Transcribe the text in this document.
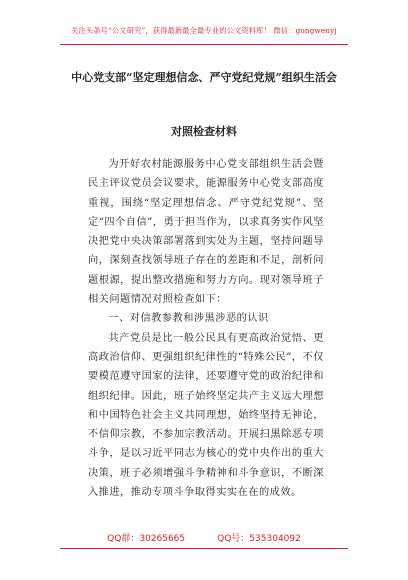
关注头条号“公文研究”，获得最新最全最专业的公文资料库！ 微信：gongwenyj
中心党支部“坚定理想信念、严守党纪党规”组织生活会
对照检查材料

为开好农村能源服务中心党支部组织生活会暨民主评议党员会议要求，能源服务中心党支部高度重视，围绕“坚定理想信念、严守党纪党规”、坚定“四个自信”，勇于担当作为，以求真务实作风坚决把党中央决策部署落到实处为主题，坚持问题导向，深刻查找领导班子存在的差距和不足，剖析问题根源，提出整改措施和努力方向。现对领导班子相关问题情况对照检查如下：

一、对信教参教和涉黑涉恶的认识

共产党员是比一般公民具有更高政治觉悟、更高政治信仰、更强组织纪律性的“特殊公民”，不仅要模范遵守国家的法律，还要遵守党的政治纪律和组织纪律。因此，班子始终坚定共产主义远大理想和中国特色社会主义共同理想，始终坚持无神论，不信仰宗教，不参加宗教活动。开展扫黑除恶专项斗争，是以习近平同志为核心的党中央作出的重大决策，班子必须增强斗争精神和斗争意识，不断深入推进，推动专项斗争取得实实在在的成效。

QQ群：30265665	QQ号：535304092
